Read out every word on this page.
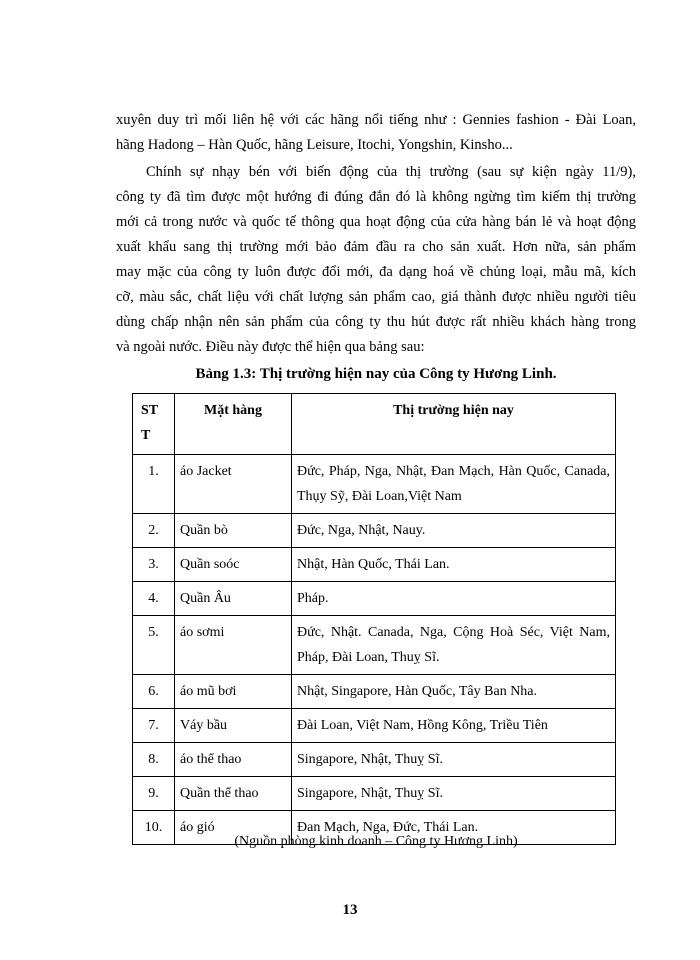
xuyên duy trì mối liên hệ với các hãng nổi tiếng như : Gennies fashion - Đài Loan,
hãng Hadong – Hàn Quốc, hãng Leisure, Itochi, Yongshin, Kinsho...
Chính sự nhạy bén với biến động của thị trường (sau sự kiện ngày 11/9),
công ty đã tìm được một hướng đi đúng đắn đó là không ngừng tìm kiếm thị trường
mới cả trong nước và quốc tế thông qua hoạt động của cửa hàng bán lẻ và hoạt động
xuất khẩu sang thị trường mới bảo đảm đầu ra cho sản xuất. Hơn nữa, sản phẩm
may mặc của công ty luôn được đổi mới, đa dạng hoá về chủng loại, mẫu mã, kích
cỡ, màu sắc, chất liệu với chất lượng sản phẩm cao, giá thành được nhiều người tiêu
dùng chấp nhận nên sản phẩm của công ty thu hút được rất nhiều khách hàng trong
và ngoài nước. Điều này được thể hiện qua bảng sau:
Bảng 1.3: Thị trường hiện nay của Công ty Hương Linh.
ST
T	Mặt hàng	Thị trường hiện nay
1.	áo Jacket	Đức, Pháp, Nga, Nhật, Đan Mạch, Hàn Quốc, Canada, Thụy Sỹ, Đài Loan,Việt Nam
2.	Quần bò	Đức, Nga, Nhật, Nauy.
3.	Quần soóc	Nhật, Hàn Quốc, Thái Lan.
4.	Quần Âu	Pháp.
5.	áo sơmi	Đức, Nhật. Canada, Nga, Cộng Hoà Séc, Việt Nam, Pháp, Đài Loan, Thuỵ Sĩ.
6.	áo mũ bơi	Nhật, Singapore, Hàn Quốc, Tây Ban Nha.
7.	Váy bầu	Đài Loan, Việt Nam, Hồng Kông, Triều Tiên
8.	áo thể thao	Singapore, Nhật, Thuỵ Sĩ.
9.	Quần thể thao	Singapore, Nhật, Thuỵ Sĩ.
10.	áo gió	Đan Mạch, Nga, Đức, Thái Lan.
(Nguồn phòng kinh doanh – Công ty Hương Linh)
13
